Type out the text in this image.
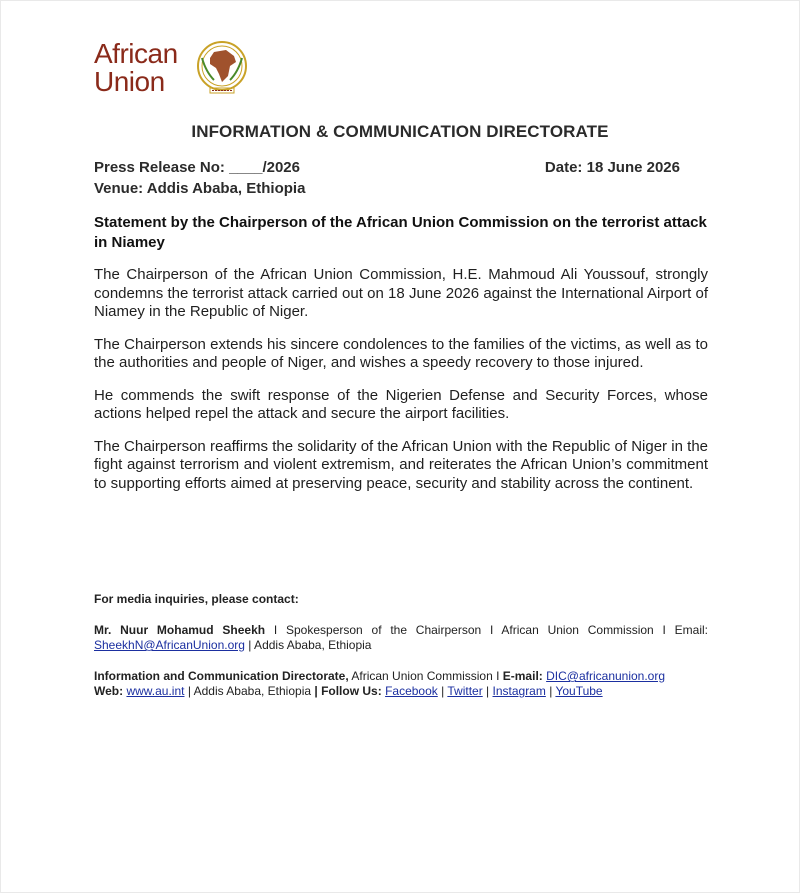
African
Union
INFORMATION & COMMUNICATION DIRECTORATE
Press Release No: ____/2026	Date: 18 June 2026
Venue: Addis Ababa, Ethiopia
Statement by the Chairperson of the African Union Commission on the terrorist attack in Niamey

The Chairperson of the African Union Commission, H.E. Mahmoud Ali Youssouf, strongly condemns the terrorist attack carried out on 18 June 2026 against the International Airport of Niamey in the Republic of Niger.

The Chairperson extends his sincere condolences to the families of the victims, as well as to the authorities and people of Niger, and wishes a speedy recovery to those injured.

He commends the swift response of the Nigerien Defense and Security Forces, whose actions helped repel the attack and secure the airport facilities.

The Chairperson reaffirms the solidarity of the African Union with the Republic of Niger in the fight against terrorism and violent extremism, and reiterates the African Union’s commitment to supporting efforts aimed at preserving peace, security and stability across the continent.

For media inquiries, please contact:
Mr. Nuur Mohamud Sheekh I Spokesperson of the Chairperson I African Union Commission I Email: SheekhN@AfricanUnion.org | Addis Ababa, Ethiopia
Information and Communication Directorate, African Union Commission I E-mail: DIC@africanunion.org
Web: www.au.int | Addis Ababa, Ethiopia | Follow Us: Facebook | Twitter | Instagram | YouTube
